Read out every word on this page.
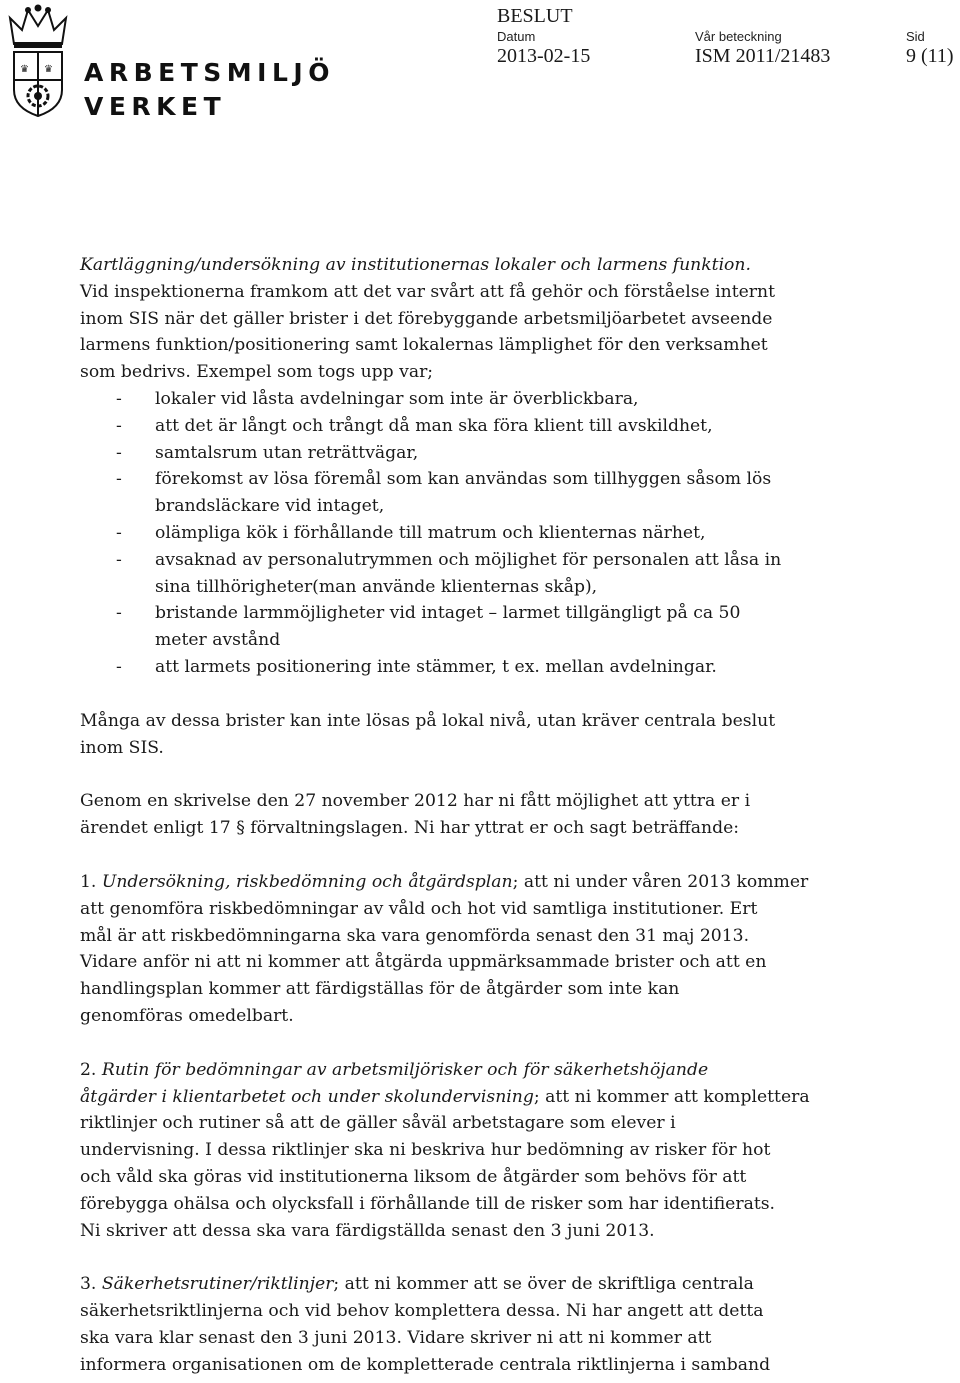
♛ ♛ ARBETSMILJÖ
VERKET
BESLUT
Datum
2013-02-15
Vår beteckning
ISM 2011/21483
Sid
9 (11)

Kartläggning/undersökning av institutionernas lokaler och larmens funktion.

Vid inspektionerna framkom att det var svårt att få gehör och förståelse internt
inom SIS när det gäller brister i det förebyggande arbetsmiljöarbetet avseende
larmens funktion/positionering samt lokalernas lämplighet för den verksamhet
som bedrivs. Exempel som togs upp var;
- lokaler vid låsta avdelningar som inte är överblickbara,
- att det är långt och trångt då man ska föra klient till avskildhet,
- samtalsrum utan reträttvägar,
- förekomst av lösa föremål som kan användas som tillhyggen såsom lös
brandsläckare vid intaget,
- olämpliga kök i förhållande till matrum och klienternas närhet,
- avsaknad av personalutrymmen och möjlighet för personalen att låsa in
sina tillhörigheter(man använde klienternas skåp),
- bristande larmmöjligheter vid intaget – larmet tillgängligt på ca 50
meter avstånd
- att larmets positionering inte stämmer, t ex. mellan avdelningar.
Många av dessa brister kan inte lösas på lokal nivå, utan kräver centrala beslut
inom SIS.
Genom en skrivelse den 27 november 2012 har ni fått möjlighet att yttra er i
ärendet enligt 17 § förvaltningslagen. Ni har yttrat er och sagt beträffande:
1. Undersökning, riskbedömning och åtgärdsplan; att ni under våren 2013 kommer
att genomföra riskbedömningar av våld och hot vid samtliga institutioner. Ert
mål är att riskbedömningarna ska vara genomförda senast den 31 maj 2013.
Vidare anför ni att ni kommer att åtgärda uppmärksammade brister och att en
handlingsplan kommer att färdigställas för de åtgärder som inte kan
genomföras omedelbart.
2. Rutin för bedömningar av arbetsmiljörisker och för säkerhetshöjande
åtgärder i klientarbetet och under skolundervisning; att ni kommer att komplettera
riktlinjer och rutiner så att de gäller såväl arbetstagare som elever i
undervisning. I dessa riktlinjer ska ni beskriva hur bedömning av risker för hot
och våld ska göras vid institutionerna liksom de åtgärder som behövs för att
förebygga ohälsa och olycksfall i förhållande till de risker som har identifierats.
Ni skriver att dessa ska vara färdigställda senast den 3 juni 2013.
3. Säkerhetsrutiner/riktlinjer; att ni kommer att se över de skriftliga centrala
säkerhetsriktlinjerna och vid behov komplettera dessa. Ni har angett att detta
ska vara klar senast den 3 juni 2013. Vidare skriver ni att ni kommer att
informera organisationen om de kompletterade centrala riktlinjerna i samband
